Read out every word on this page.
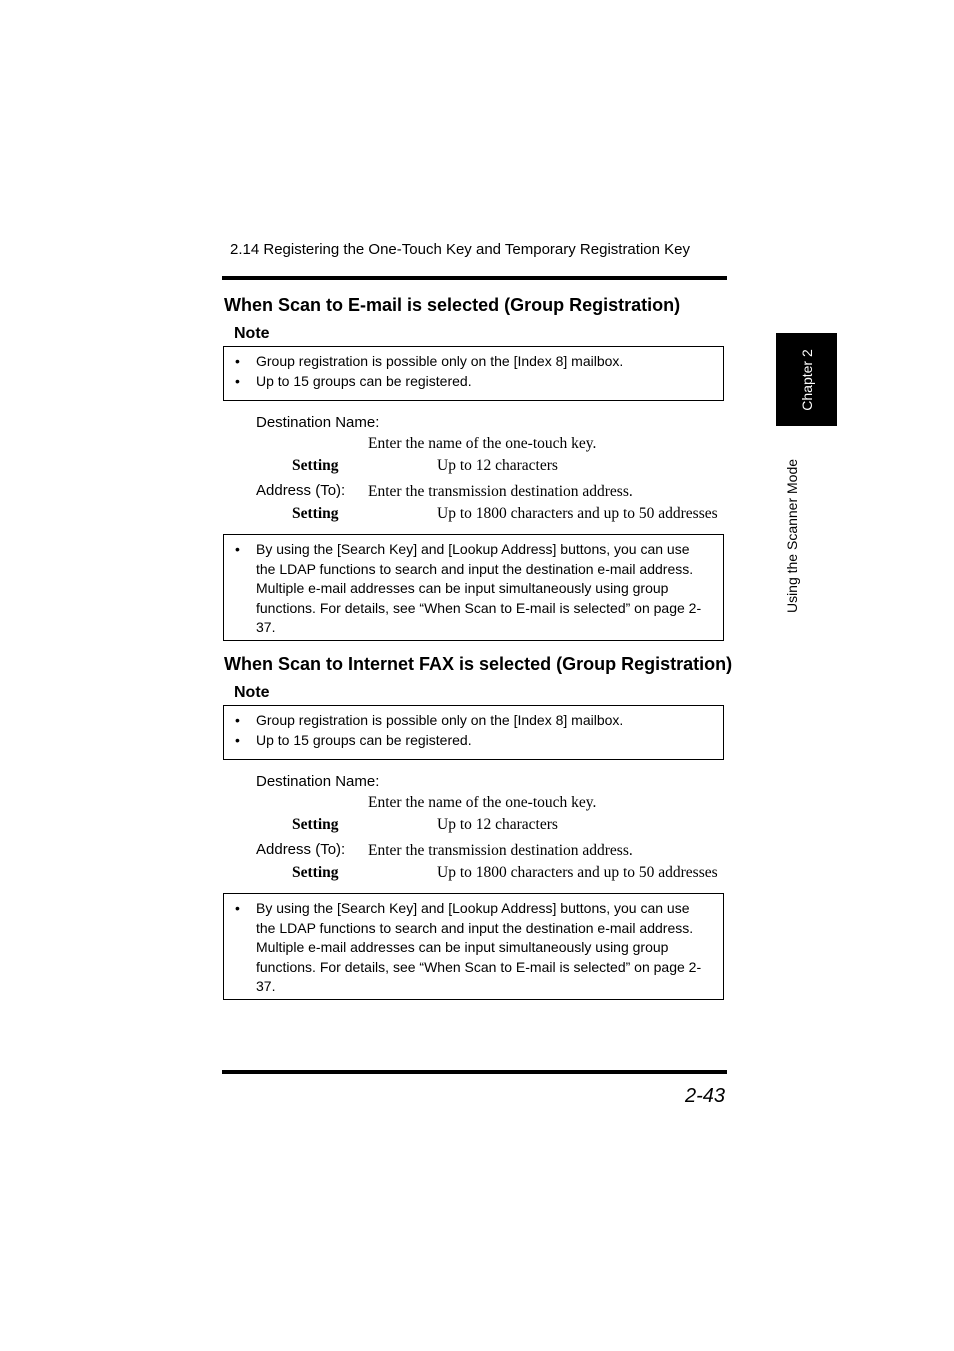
2.14 Registering the One-Touch Key and Temporary Registration Key
Chapter 2
Using the Scanner Mode
When Scan to E-mail is selected (Group Registration)
Note
• Group registration is possible only on the [Index 8] mailbox.
• Up to 15 groups can be registered.
Destination Name:
Enter the name of the one-touch key.
Setting	Up to 12 characters
Address (To): Enter the transmission destination address.
Setting	Up to 1800 characters and up to 50 addresses
• By using the [Search Key] and [Lookup Address] buttons, you can use the LDAP functions to search and input the destination e-mail address. Multiple e-mail addresses can be input simultaneously using group functions. For details, see “When Scan to E-mail is selected” on page 2-37.
When Scan to Internet FAX is selected (Group Registration)
Note
• Group registration is possible only on the [Index 8] mailbox.
• Up to 15 groups can be registered.
Destination Name:
Enter the name of the one-touch key.
Setting	Up to 12 characters
Address (To): Enter the transmission destination address.
Setting	Up to 1800 characters and up to 50 addresses
• By using the [Search Key] and [Lookup Address] buttons, you can use the LDAP functions to search and input the destination e-mail address. Multiple e-mail addresses can be input simultaneously using group functions. For details, see “When Scan to E-mail is selected” on page 2-37.
2-43
